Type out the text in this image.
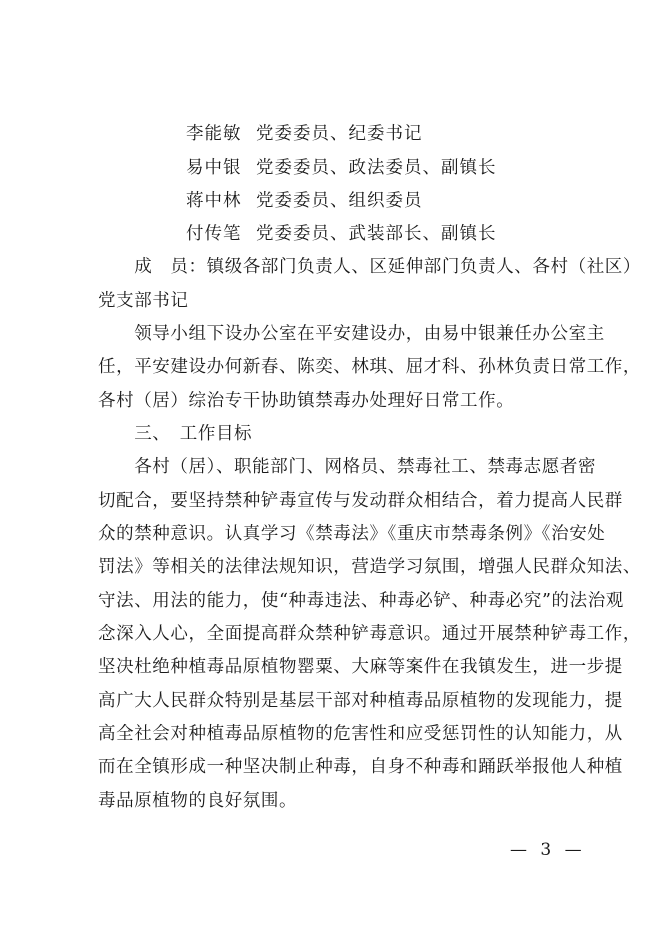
李能敏 党委委员、纪委书记
易中银 党委委员、政法委员、副镇长
蒋中林 党委委员、组织委员
付传笔 党委委员、武装部长、副镇长
　　成　员：镇级各部门负责人、区延伸部门负责人、各村（社区）
党支部书记
　　领导小组下设办公室在平安建设办，由易中银兼任办公室主
任，平安建设办何新春、陈奕、林琪、屈才科、孙林负责日常工作，
各村（居）综治专干协助镇禁毒办处理好日常工作。
　　三、　工作目标
　　各村（居）、职能部门、网格员、禁毒社工、禁毒志愿者密
切配合，要坚持禁种铲毒宣传与发动群众相结合，着力提高人民群
众的禁种意识。认真学习《禁毒法》《重庆市禁毒条例》《治安处
罚法》等相关的法律法规知识，营造学习氛围，增强人民群众知法、
守法、用法的能力，使“种毒违法、种毒必铲、种毒必究”的法治观
念深入人心，全面提高群众禁种铲毒意识。通过开展禁种铲毒工作，
坚决杜绝种植毒品原植物罂粟、大麻等案件在我镇发生，进一步提
高广大人民群众特别是基层干部对种植毒品原植物的发现能力，提
高全社会对种植毒品原植物的危害性和应受惩罚性的认知能力，从
而在全镇形成一种坚决制止种毒，自身不种毒和踊跃举报他人种植
毒品原植物的良好氛围。
— 3 —
